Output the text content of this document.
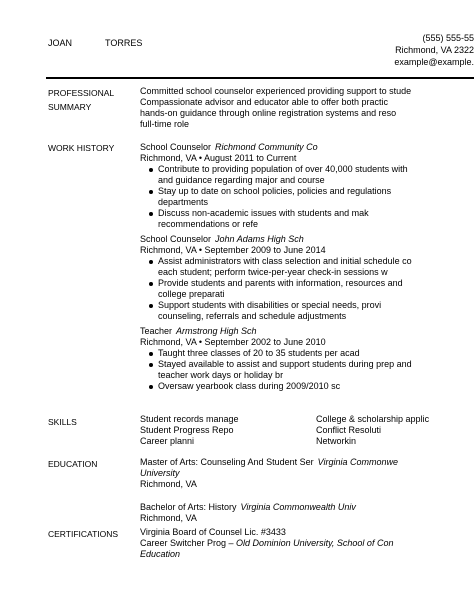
JOAN	TORRES	(555) 555-55
Richmond, VA 2322
example@example.
PROFESSIONAL
SUMMARY
Committed school counselor experienced providing support to stude
Compassionate advisor and educator able to offer both practic
hands-on guidance through online registration systems and reso
full-time role
WORK HISTORY	School Counselor Richmond Community Co
Richmond, VA • August 2011 to Current
Contribute to providing population of over 40,000 students with
and guidance regarding major and course
Stay up to date on school policies, policies and regulations
departments
Discuss non-academic issues with students and mak
recommendations or refe
School Counselor John Adams High Sch
Richmond, VA • September 2009 to June 2014
Assist administrators with class selection and initial schedule co
each student; perform twice-per-year check-in sessions w
Provide students and parents with information, resources and
college preparati
Support students with disabilities or special needs, provi
counseling, referrals and schedule adjustments
Teacher Armstrong High Sch
Richmond, VA • September 2002 to June 2010
Taught three classes of 20 to 35 students per acad
Stayed available to assist and support students during prep and
teacher work days or holiday br
Oversaw yearbook class during 2009/2010 sc
SKILLS	Student records manage	College & scholarship applic
Student Progress Repo	Conflict Resoluti
Career planni	Networkin
EDUCATION	Master of Arts: Counseling And Student Ser Virginia Commonwe
University
Richmond, VA
Bachelor of Arts: History Virginia Commonwealth Univ
Richmond, VA
CERTIFICATIONS	Virginia Board of Counsel Lic. #3433
Career Switcher Prog – Old Dominion University, School of Con
Education
